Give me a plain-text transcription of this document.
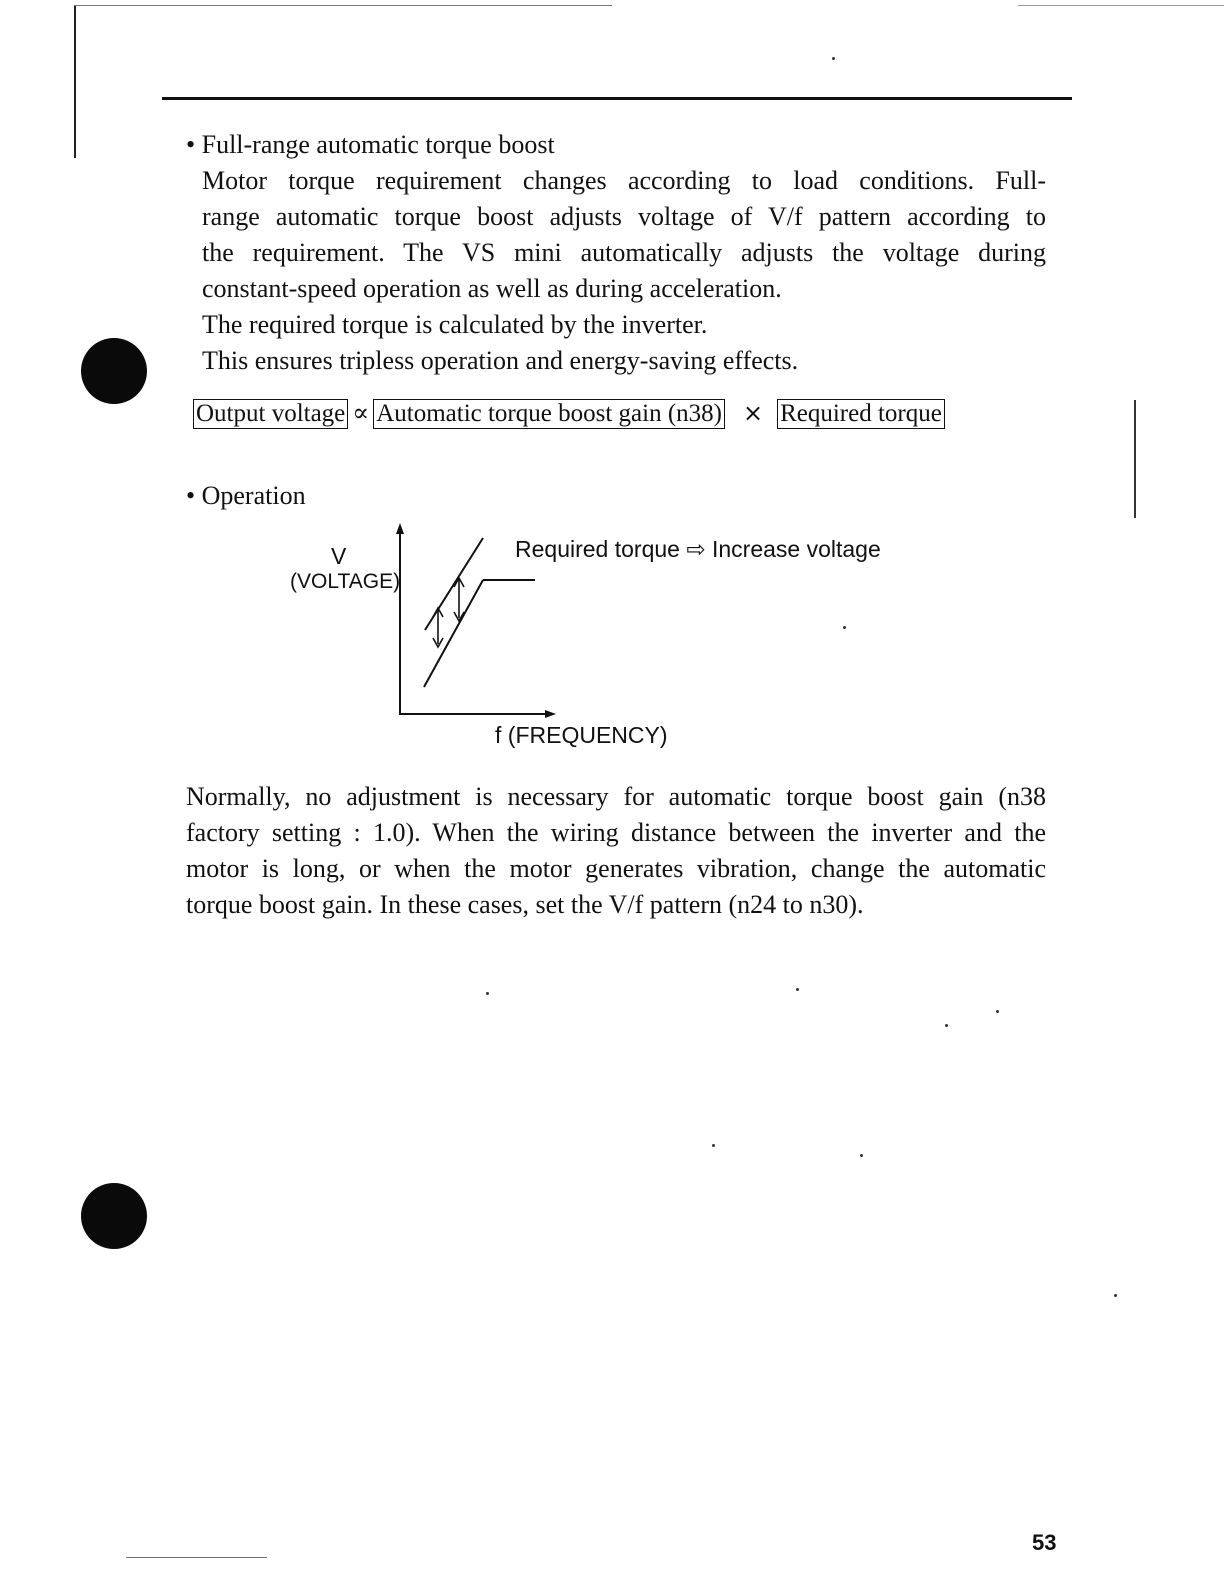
• Full-range automatic torque boost
Motor torque requirement changes according to load conditions. Full-
range automatic torque boost adjusts voltage of V/f pattern according to
the requirement. The VS mini automatically adjusts the voltage during
constant-speed operation as well as during acceleration.
The required torque is calculated by the inverter.
This ensures tripless operation and energy-saving effects.
Output voltage ∝ Automatic torque boost gain (n38) × Required torque
• Operation
V
(VOLTAGE)
Required torque ⇨ Increase voltage
f (FREQUENCY)
Normally, no adjustment is necessary for automatic torque boost gain (n38
factory setting : 1.0). When the wiring distance between the inverter and the
motor is long, or when the motor generates vibration, change the automatic
torque boost gain. In these cases, set the V/f pattern (n24 to n30).
53
